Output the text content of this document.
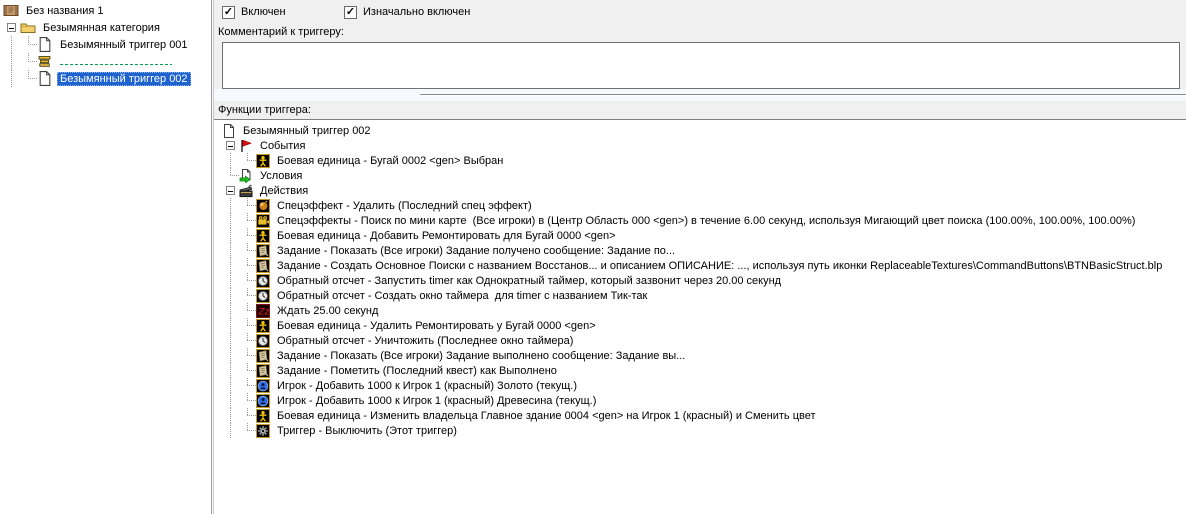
Без названия 1
Безымянная категория
Безымянный триггер 001
Безымянный триггер 002
✓ Включен	✓ Изначально включен
Комментарий к триггеру:
Функции триггера:
Безымянный триггер 002
События
Боевая единица - Бугай 0002 <gen> Выбран
Условия
Действия
Спецэффект - Удалить (Последний спец эффект)
Спецэффекты - Поиск по мини карте  (Все игроки) в (Центр Область 000 <gen>) в течение 6.00 секунд, используя Мигающий цвет поиска (100.00%, 100.00%, 100.00%)
Боевая единица - Добавить Ремонтировать для Бугай 0000 <gen>
Задание - Показать (Все игроки) Задание получено сообщение: Задание по...
Задание - Создать Основное Поиски с названием Восстанов... и описанием ОПИСАНИЕ: ..., используя путь иконки ReplaceableTextures\CommandButtons\BTNBasicStruct.blp
Обратный отсчет - Запустить timer как Однократный таймер, который зазвонит через 20.00 секунд
Обратный отсчет - Создать окно таймера  для timer с названием Тик-так
Zz Ждать 25.00 секунд
Боевая единица - Удалить Ремонтировать у Бугай 0000 <gen>
Обратный отсчет - Уничтожить (Последнее окно таймера)
Задание - Показать (Все игроки) Задание выполнено сообщение: Задание вы...
Задание - Пометить (Последний квест) как Выполнено
Игрок - Добавить 1000 к Игрок 1 (красный) Золото (текущ.)
Игрок - Добавить 1000 к Игрок 1 (красный) Древесина (текущ.)
Боевая единица - Изменить владельца Главное здание 0004 <gen> на Игрок 1 (красный) и Сменить цвет
Триггер - Выключить (Этот триггер)
